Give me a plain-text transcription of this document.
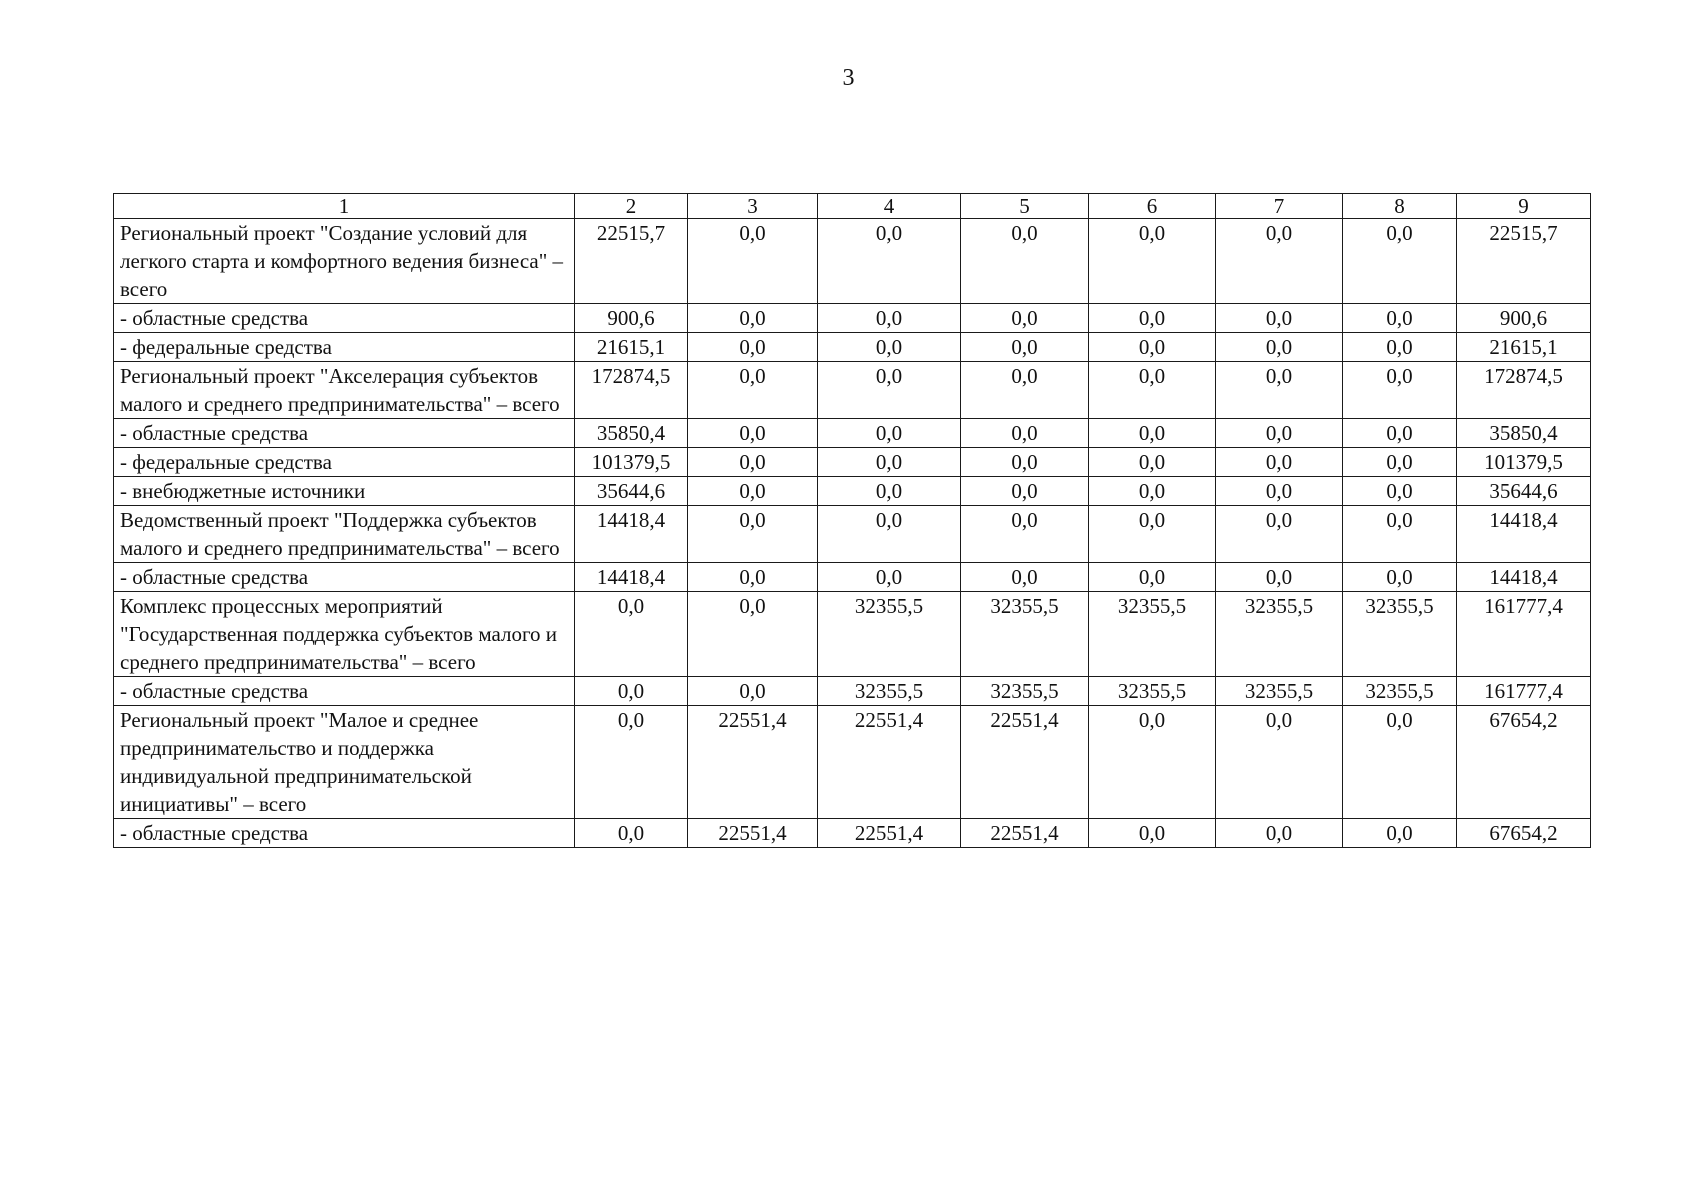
3
1	2	3	4	5	6	7	8	9
Региональный проект "Создание условий для легкого старта и комфортного ведения бизнеса" – всего	22515,7	0,0	0,0	0,0	0,0	0,0	0,0	22515,7
- областные средства	900,6	0,0	0,0	0,0	0,0	0,0	0,0	900,6
- федеральные средства	21615,1	0,0	0,0	0,0	0,0	0,0	0,0	21615,1
Региональный проект "Акселерация субъектов малого и среднего предпринимательства" – всего	172874,5	0,0	0,0	0,0	0,0	0,0	0,0	172874,5
- областные средства	35850,4	0,0	0,0	0,0	0,0	0,0	0,0	35850,4
- федеральные средства	101379,5	0,0	0,0	0,0	0,0	0,0	0,0	101379,5
- внебюджетные источники	35644,6	0,0	0,0	0,0	0,0	0,0	0,0	35644,6
Ведомственный проект "Поддержка субъектов малого и среднего предпринимательства" – всего	14418,4	0,0	0,0	0,0	0,0	0,0	0,0	14418,4
- областные средства	14418,4	0,0	0,0	0,0	0,0	0,0	0,0	14418,4
Комплекс процессных мероприятий "Государственная поддержка субъектов малого и среднего предпринимательства" – всего	0,0	0,0	32355,5	32355,5	32355,5	32355,5	32355,5	161777,4
- областные средства	0,0	0,0	32355,5	32355,5	32355,5	32355,5	32355,5	161777,4
Региональный проект "Малое и среднее предпринимательство и поддержка индивидуальной предпринимательской инициативы" – всего	0,0	22551,4	22551,4	22551,4	0,0	0,0	0,0	67654,2
- областные средства	0,0	22551,4	22551,4	22551,4	0,0	0,0	0,0	67654,2
